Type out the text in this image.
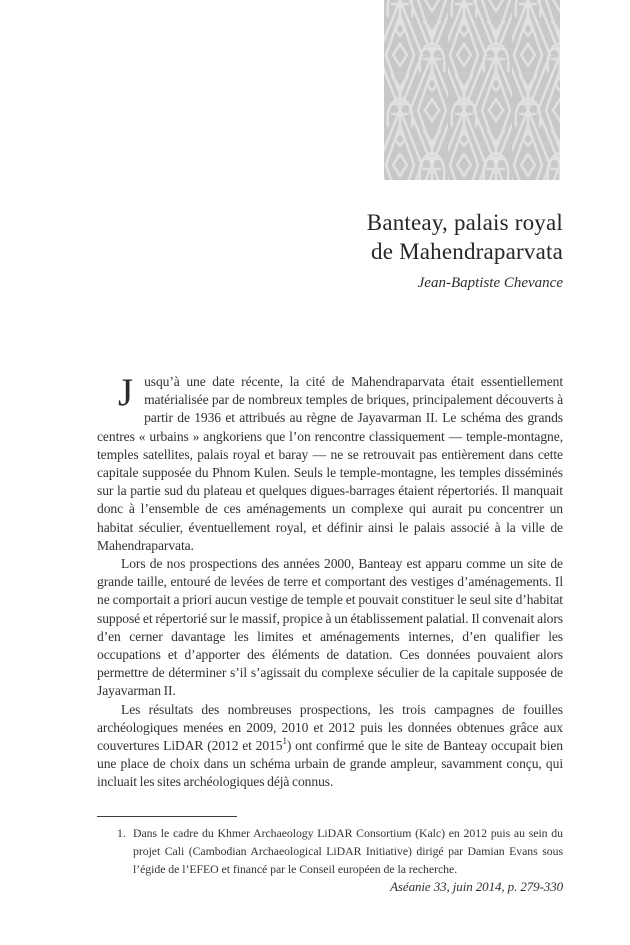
Banteay, palais royal
de Mahendraparvata
Jean-Baptiste Chevance

Jusqu’à une date récente, la cité de Mahendraparvata était essentiellement matérialisée par de nombreux temples de briques, principalement découverts à partir de 1936 et attribués au règne de Jayavarman II. Le schéma des grands centres « urbains » angkoriens que l’on rencontre classiquement — temple-montagne, temples satellites, palais royal et baray — ne se retrouvait pas entièrement dans cette capitale supposée du Phnom Kulen. Seuls le temple-montagne, les temples disséminés sur la partie sud du plateau et quelques digues-barrages étaient répertoriés. Il manquait donc à l’ensemble de ces aménagements un complexe qui aurait pu concentrer un habitat séculier, éventuellement royal, et définir ainsi le palais associé à la ville de Mahendraparvata.

Lors de nos prospections des années 2000, Banteay est apparu comme un site de grande taille, entouré de levées de terre et comportant des vestiges d’aménagements. Il ne comportait a priori aucun vestige de temple et pouvait constituer le seul site d’habitat supposé et répertorié sur le massif, propice à un établissement palatial. Il convenait alors d’en cerner davantage les limites et aménagements internes, d’en qualifier les occupations et d’apporter des éléments de datation. Ces données pouvaient alors permettre de déterminer s’il s’agissait du complexe séculier de la capitale supposée de Jayavarman II.

Les résultats des nombreuses prospections, les trois campagnes de fouilles archéologiques menées en 2009, 2010 et 2012 puis les données obtenues grâce aux couvertures LiDAR (2012 et 2015$^1$) ont confirmé que le site de Banteay occupait bien une place de choix dans un schéma urbain de grande ampleur, savamment conçu, qui incluait les sites archéologiques déjà connus.

1. Dans le cadre du Khmer Archaeology LiDAR Consortium (Kalc) en 2012 puis au sein du projet Cali (Cambodian Archaeological LiDAR Initiative) dirigé par Damian Evans sous l’égide de l’EFEO et financé par le Conseil européen de la recherche.
Aséanie 33, juin 2014, p. 279-330
